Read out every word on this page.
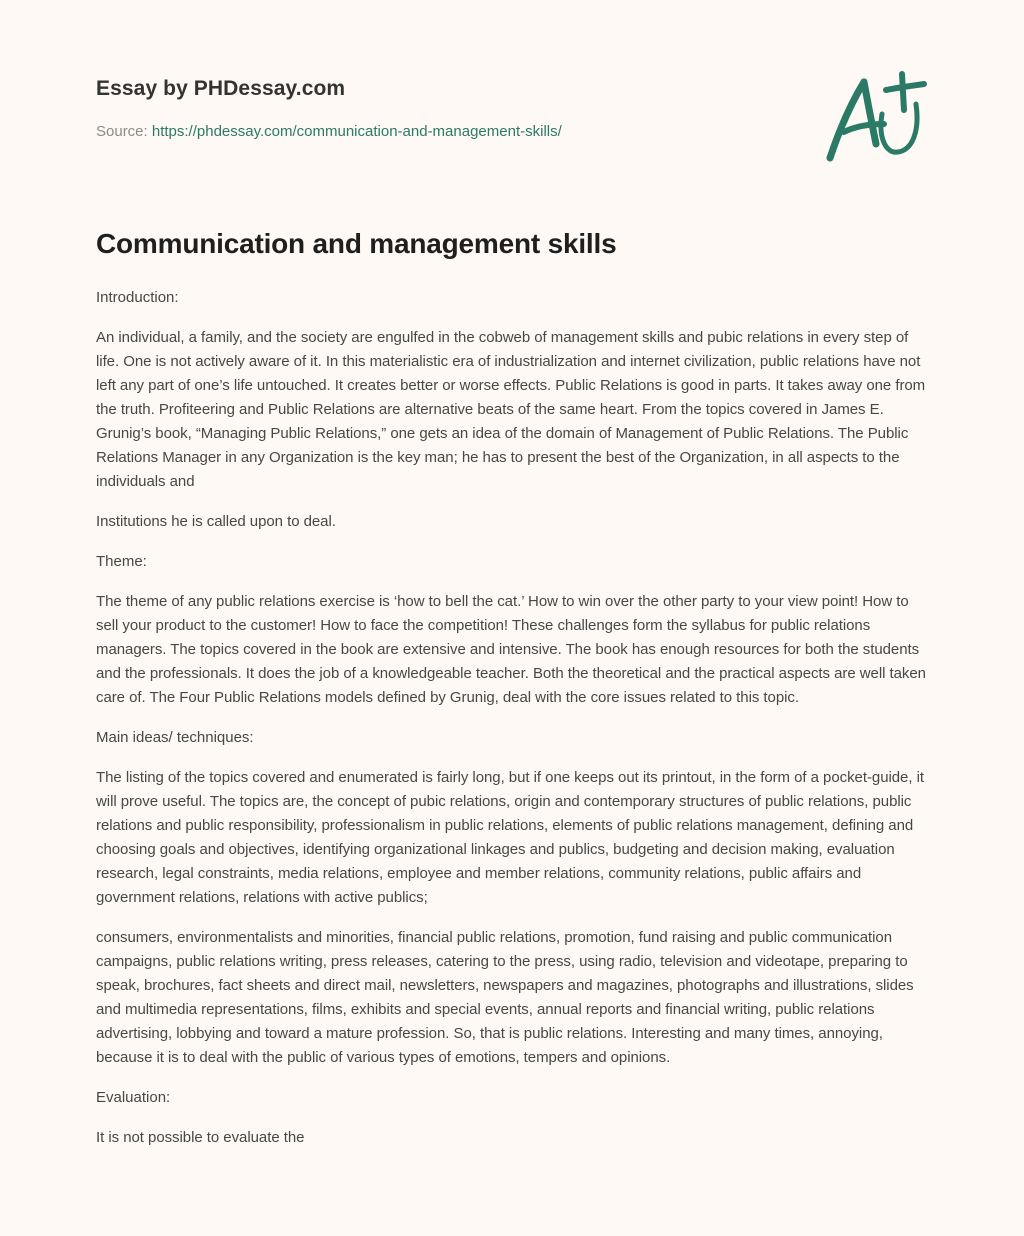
Essay by PHDessay.com
Source: https://phdessay.com/communication-and-management-skills/
Communication and management skills

Introduction:

An individual, a family, and the society are engulfed in the cobweb of management skills and pubic relations in every step of life. One is not actively aware of it. In this materialistic era of industrialization and internet civilization, public relations have not left any part of one’s life untouched. It creates better or worse effects. Public Relations is good in parts. It takes away one from the truth. Profiteering and Public Relations are alternative beats of the same heart. From the topics covered in James E. Grunig’s book, “Managing Public Relations,” one gets an idea of the domain of Management of Public Relations. The Public Relations Manager in any Organization is the key man; he has to present the best of the Organization, in all aspects to the individuals and

Institutions he is called upon to deal.

Theme:

The theme of any public relations exercise is ‘how to bell the cat.’ How to win over the other party to your view point! How to sell your product to the customer! How to face the competition! These challenges form the syllabus for public relations managers. The topics covered in the book are extensive and intensive. The book has enough resources for both the students and the professionals. It does the job of a knowledgeable teacher. Both the theoretical and the practical aspects are well taken care of. The Four Public Relations models defined by Grunig, deal with the core issues related to this topic.

Main ideas/ techniques:

The listing of the topics covered and enumerated is fairly long, but if one keeps out its printout, in the form of a pocket-guide, it will prove useful. The topics are, the concept of pubic relations, origin and contemporary structures of public relations, public relations and public responsibility, professionalism in public relations, elements of public relations management, defining and choosing goals and objectives, identifying organizational linkages and publics, budgeting and decision making, evaluation research, legal constraints, media relations, employee and member relations, community relations, public affairs and government relations, relations with active publics;

consumers, environmentalists and minorities, financial public relations, promotion, fund raising and public communication campaigns, public relations writing, press releases, catering to the press, using radio, television and videotape, preparing to speak, brochures, fact sheets and direct mail, newsletters, newspapers and magazines, photographs and illustrations, slides and multimedia representations, films, exhibits and special events, annual reports and financial writing, public relations advertising, lobbying and toward a mature profession. So, that is public relations. Interesting and many times, annoying, because it is to deal with the public of various types of emotions, tempers and opinions.

Evaluation:

It is not possible to evaluate the
